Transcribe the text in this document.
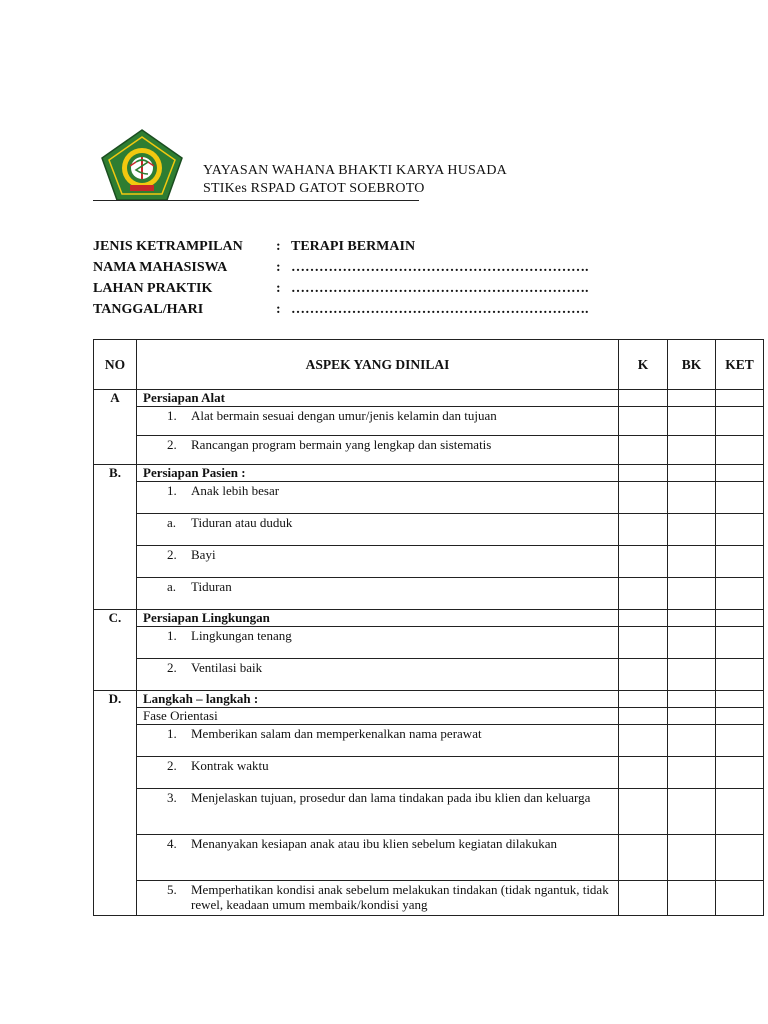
YAYASAN WAHANA BHAKTI KARYA HUSADA
STIKes RSPAD GATOT SOEBROTO
JENIS KETRAMPILAN	: TERAPI BERMAIN
NAMA MAHASISWA	: ……………………………………………………….
LAHAN PRAKTIK	: ……………………………………………………….
TANGGAL/HARI	: ……………………………………………………….
NO	ASPEK YANG DINILAI	K	BK	KET
A	Persiapan Alat			

	1. Alat bermain sesuai dengan umur/jenis kelamin dan tujuan			

	2. Rancangan program bermain yang lengkap dan sistematis			

B.	Persiapan Pasien :			

	1. Anak lebih besar			

	a. Tiduran atau duduk			

	2. Bayi			

	a. Tiduran			

C.	Persiapan Lingkungan			

	1. Lingkungan tenang			

	2. Ventilasi baik			

D.	Langkah – langkah :			
	Fase Orientasi			

	1. Memberikan salam dan memperkenalkan nama perawat			

	2. Kontrak waktu			

	3. Menjelaskan tujuan, prosedur dan lama tindakan pada ibu klien dan keluarga			

	4. Menanyakan kesiapan anak atau ibu klien sebelum kegiatan dilakukan			

	5. Memperhatikan kondisi anak sebelum melakukan tindakan (tidak ngantuk, tidak rewel, keadaan umum membaik/kondisi yang			
